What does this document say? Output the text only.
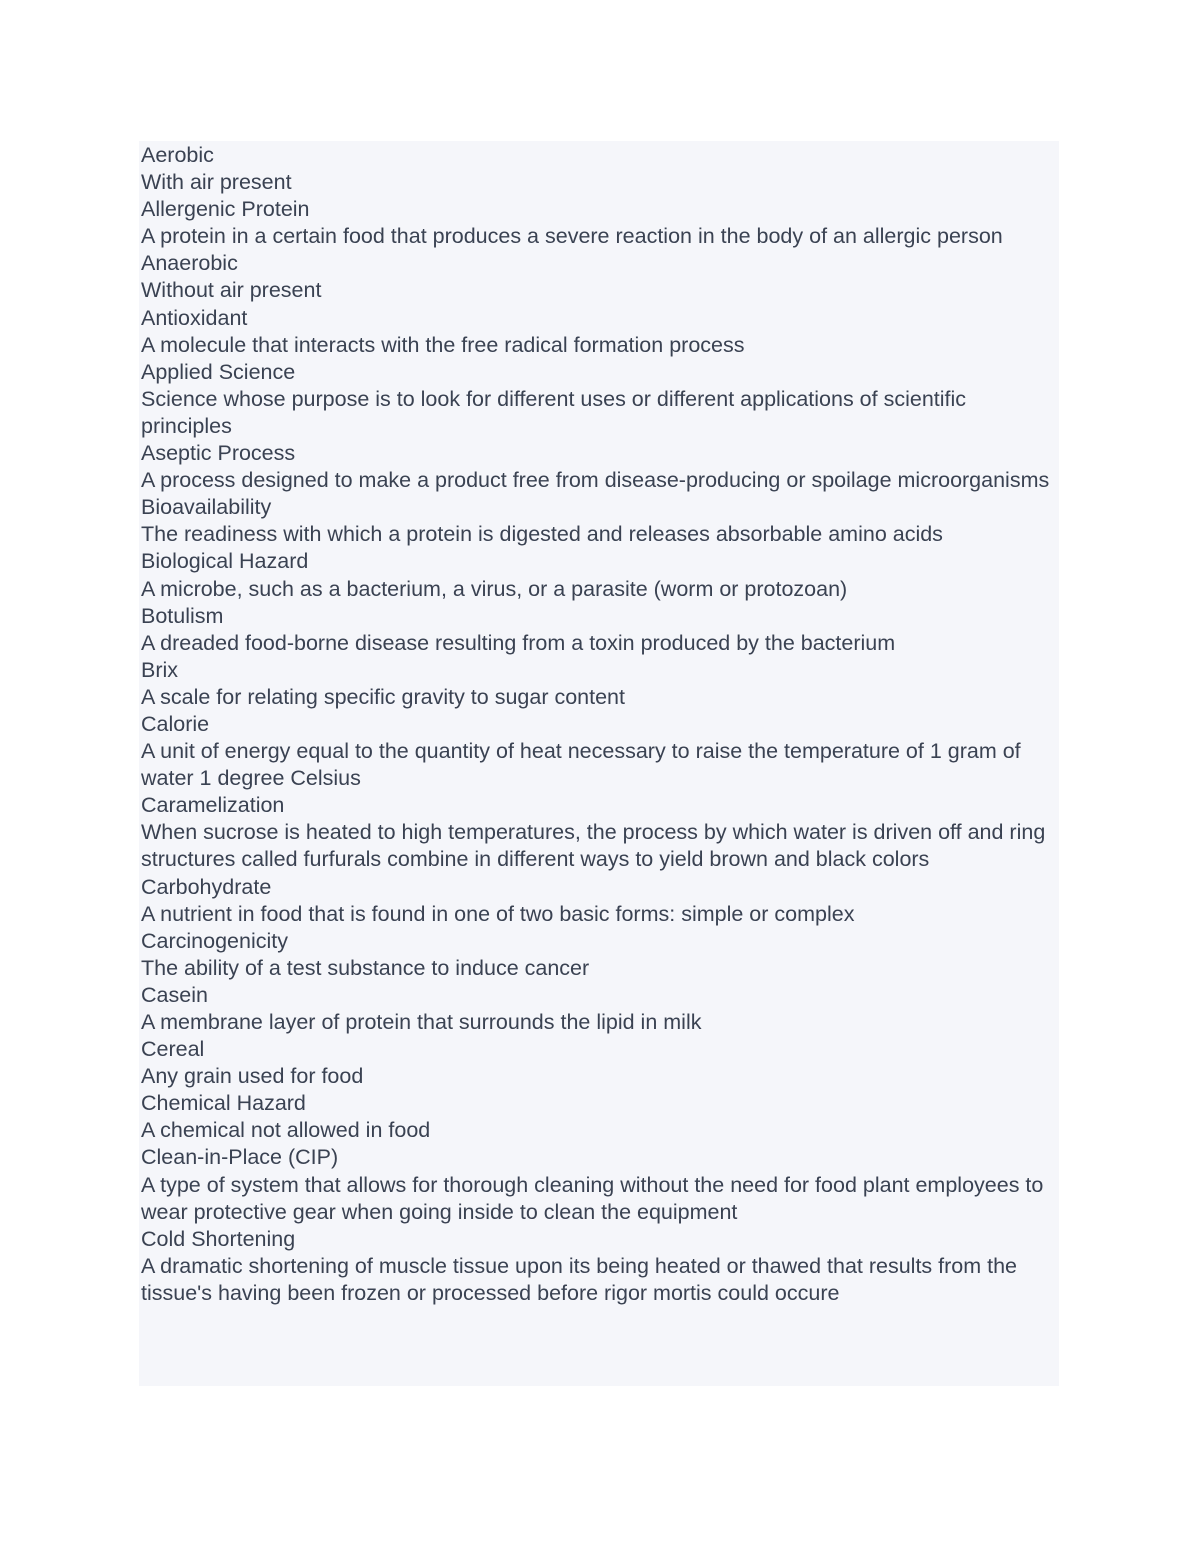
Aerobic
With air present
Allergenic Protein
A protein in a certain food that produces a severe reaction in the body of an allergic person
Anaerobic
Without air present
Antioxidant
A molecule that interacts with the free radical formation process
Applied Science
Science whose purpose is to look for different uses or different applications of scientific principles
Aseptic Process
A process designed to make a product free from disease-producing or spoilage microorganisms
Bioavailability
The readiness with which a protein is digested and releases absorbable amino acids
Biological Hazard
A microbe, such as a bacterium, a virus, or a parasite (worm or protozoan)
Botulism
A dreaded food-borne disease resulting from a toxin produced by the bacterium
Brix
A scale for relating specific gravity to sugar content
Calorie
A unit of energy equal to the quantity of heat necessary to raise the temperature of 1 gram of water 1 degree Celsius
Caramelization
When sucrose is heated to high temperatures, the process by which water is driven off and ring structures called furfurals combine in different ways to yield brown and black colors
Carbohydrate
A nutrient in food that is found in one of two basic forms: simple or complex
Carcinogenicity
The ability of a test substance to induce cancer
Casein
A membrane layer of protein that surrounds the lipid in milk
Cereal
Any grain used for food
Chemical Hazard
A chemical not allowed in food
Clean-in-Place (CIP)
A type of system that allows for thorough cleaning without the need for food plant employees to wear protective gear when going inside to clean the equipment
Cold Shortening
A dramatic shortening of muscle tissue upon its being heated or thawed that results from the tissue's having been frozen or processed before rigor mortis could occure
